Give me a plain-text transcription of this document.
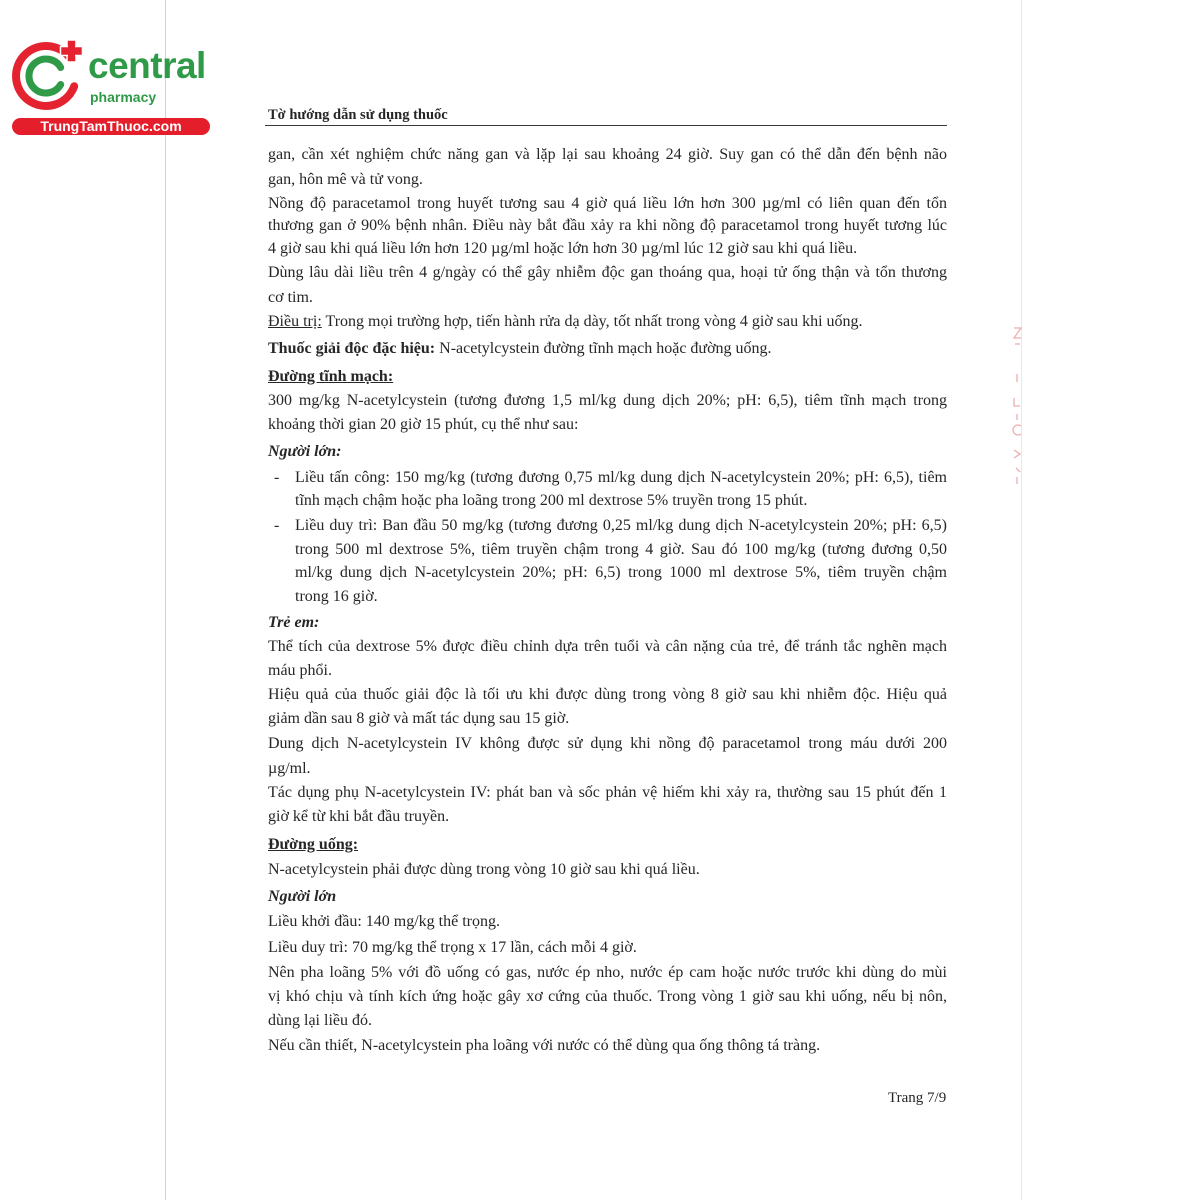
central
pharmacy
TrungTamThuoc.com
Tờ hướng dẫn sử dụng thuốc
gan, cần xét nghiệm chức năng gan và lặp lại sau khoảng 24 giờ. Suy gan có thể dẫn đến bệnh não
gan, hôn mê và tử vong.
Nồng độ paracetamol trong huyết tương sau 4 giờ quá liều lớn hơn 300 µg/ml có liên quan đến tổn
thương gan ở 90% bệnh nhân. Điều này bắt đầu xảy ra khi nồng độ paracetamol trong huyết tương lúc
4 giờ sau khi quá liều lớn hơn 120 µg/ml hoặc lớn hơn 30 µg/ml lúc 12 giờ sau khi quá liều.
Dùng lâu dài liều trên 4 g/ngày có thể gây nhiễm độc gan thoáng qua, hoại tử ống thận và tổn thương
cơ tim.
Điều trị: Trong mọi trường hợp, tiến hành rửa dạ dày, tốt nhất trong vòng 4 giờ sau khi uống.
Thuốc giải độc đặc hiệu: N-acetylcystein đường tĩnh mạch hoặc đường uống.
Đường tĩnh mạch:
300 mg/kg N-acetylcystein (tương đương 1,5 ml/kg dung dịch 20%; pH: 6,5), tiêm tĩnh mạch trong
khoảng thời gian 20 giờ 15 phút, cụ thể như sau:
Người lớn:
- Liều tấn công: 150 mg/kg (tương đương 0,75 ml/kg dung dịch N-acetylcystein 20%; pH: 6,5), tiêm
tĩnh mạch chậm hoặc pha loãng trong 200 ml dextrose 5% truyền trong 15 phút.
- Liều duy trì: Ban đầu 50 mg/kg (tương đương 0,25 ml/kg dung dịch N-acetylcystein 20%; pH: 6,5)
trong 500 ml dextrose 5%, tiêm truyền chậm trong 4 giờ. Sau đó 100 mg/kg (tương đương 0,50
ml/kg dung dịch N-acetylcystein 20%; pH: 6,5) trong 1000 ml dextrose 5%, tiêm truyền chậm
trong 16 giờ.
Trẻ em:
Thể tích của dextrose 5% được điều chỉnh dựa trên tuổi và cân nặng của trẻ, để tránh tắc nghẽn mạch
máu phổi.
Hiệu quả của thuốc giải độc là tối ưu khi được dùng trong vòng 8 giờ sau khi nhiễm độc. Hiệu quả
giảm dần sau 8 giờ và mất tác dụng sau 15 giờ.
Dung dịch N-acetylcystein IV không được sử dụng khi nồng độ paracetamol trong máu dưới 200
µg/ml.
Tác dụng phụ N-acetylcystein IV: phát ban và sốc phản vệ hiếm khi xảy ra, thường sau 15 phút đến 1
giờ kể từ khi bắt đầu truyền.
Đường uống:
N-acetylcystein phải được dùng trong vòng 10 giờ sau khi quá liều.
Người lớn
Liều khởi đầu: 140 mg/kg thể trọng.
Liều duy trì: 70 mg/kg thể trọng x 17 lần, cách mỗi 4 giờ.
Nên pha loãng 5% với đồ uống có gas, nước ép nho, nước ép cam hoặc nước trước khi dùng do mùi
vị khó chịu và tính kích ứng hoặc gây xơ cứng của thuốc. Trong vòng 1 giờ sau khi uống, nếu bị nôn,
dùng lại liều đó.
Nếu cần thiết, N-acetylcystein pha loãng với nước có thể dùng qua ống thông tá tràng.
Trang 7/9
